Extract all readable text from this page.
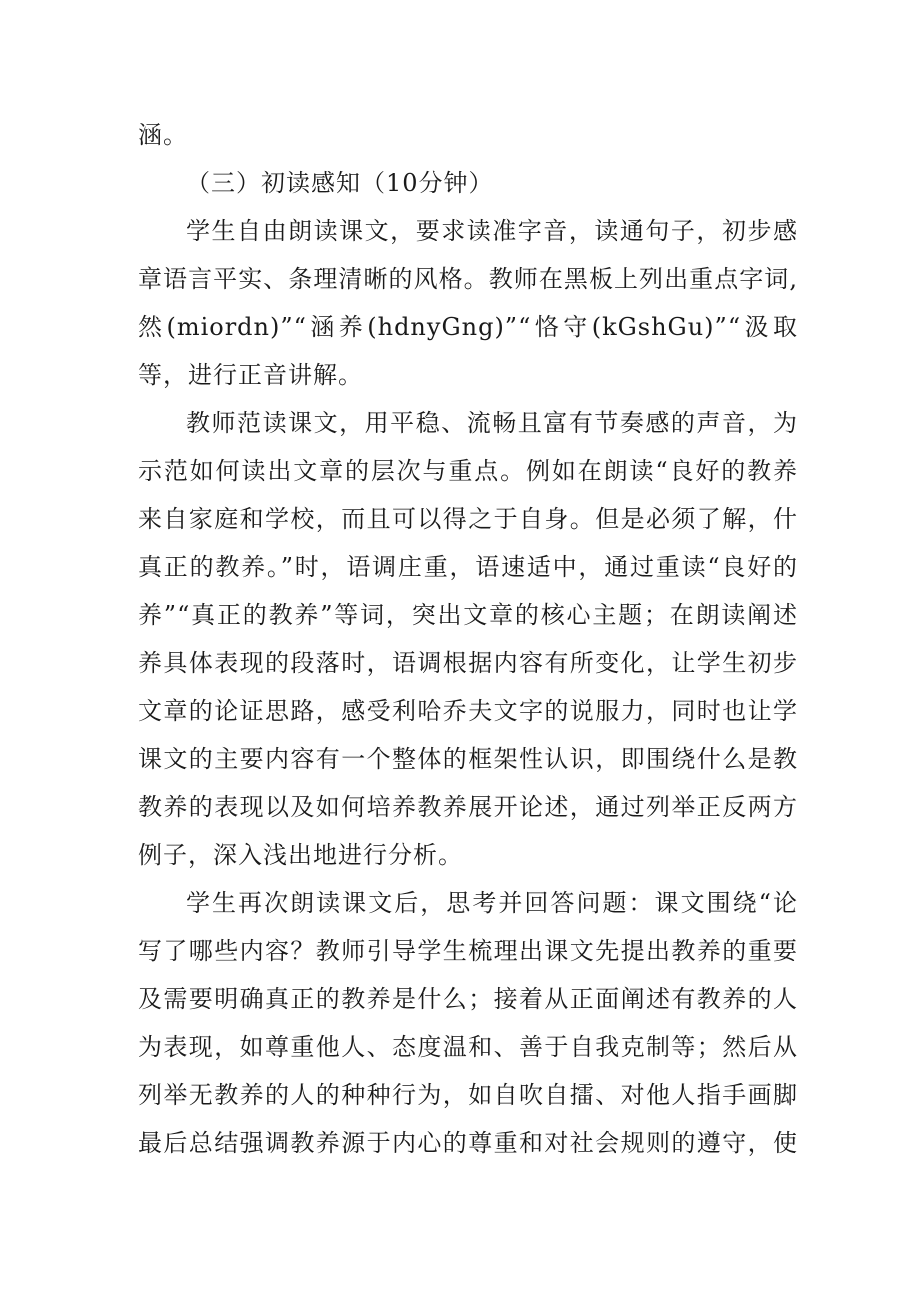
涵。
（三）初读感知（10分钟）
学生自由朗读课文，要求读准字音，读通句子，初步感
章语言平实、条理清晰的风格。教师在黑板上列出重点字词,
然(miordn)”“涵养(hdnyGng)”“恪守(kGshGu)”“汲取
等，进行正音讲解。
教师范读课文，用平稳、流畅且富有节奏感的声音，为
示范如何读出文章的层次与重点。例如在朗读“良好的教养
来自家庭和学校，而且可以得之于自身。但是必须了解，什
真正的教养。”时，语调庄重，语速适中，通过重读“良好的
养”“真正的教养”等词，突出文章的核心主题；在朗读阐述
养具体表现的段落时，语调根据内容有所变化，让学生初步
文章的论证思路，感受利哈乔夫文字的说服力，同时也让学
课文的主要内容有一个整体的框架性认识，即围绕什么是教
教养的表现以及如何培养教养展开论述，通过列举正反两方
例子，深入浅出地进行分析。
学生再次朗读课文后，思考并回答问题：课文围绕“论
写了哪些内容？教师引导学生梳理出课文先提出教养的重要
及需要明确真正的教养是什么；接着从正面阐述有教养的人
为表现，如尊重他人、态度温和、善于自我克制等；然后从
列举无教养的人的种种行为，如自吹自擂、对他人指手画脚
最后总结强调教养源于内心的尊重和对社会规则的遵守，使
